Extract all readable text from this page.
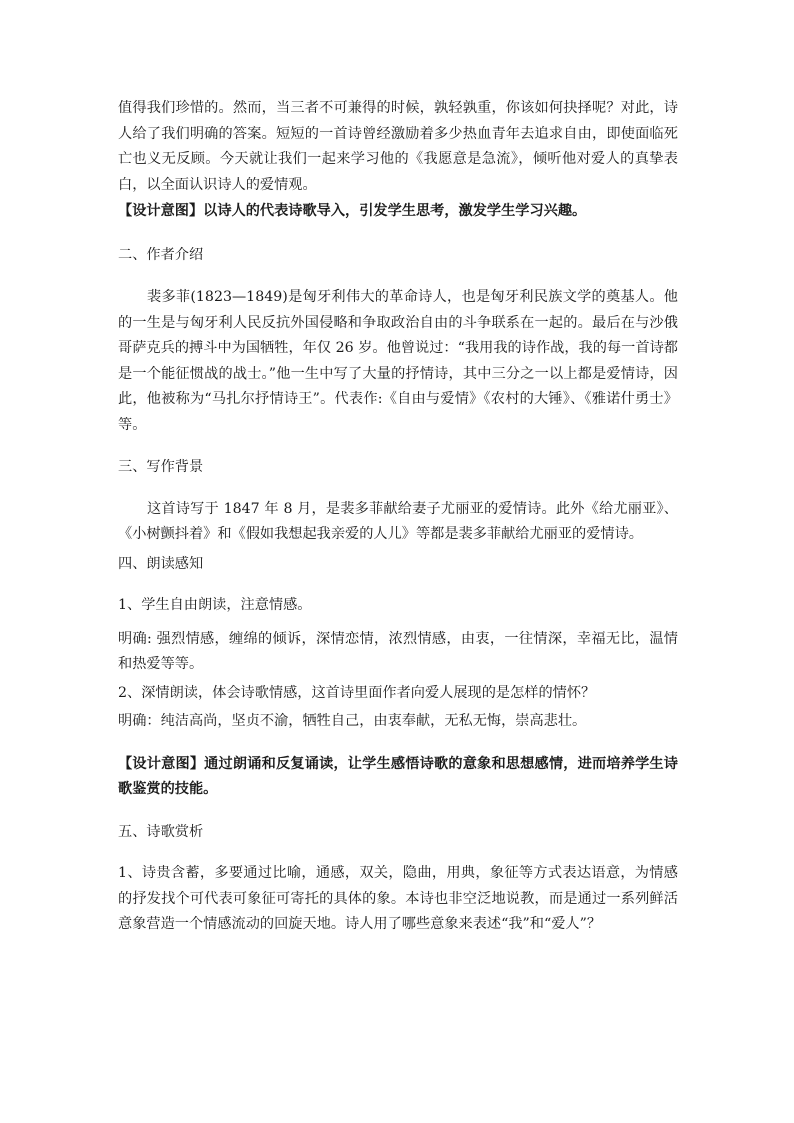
值得我们珍惜的。然而，当三者不可兼得的时候，孰轻孰重，你该如何抉择呢？对此，诗人给了我们明确的答案。短短的一首诗曾经激励着多少热血青年去追求自由，即使面临死亡也义无反顾。今天就让我们一起来学习他的《我愿意是急流》，倾听他对爱人的真挚表白，以全面认识诗人的爱情观。

【设计意图】以诗人的代表诗歌导入，引发学生思考，激发学生学习兴趣。

二、作者介绍

裴多菲(1823—1849)是匈牙利伟大的革命诗人，也是匈牙利民族文学的奠基人。他的一生是与匈牙利人民反抗外国侵略和争取政治自由的斗争联系在一起的。最后在与沙俄哥萨克兵的搏斗中为国牺牲，年仅 26 岁。他曾说过：“我用我的诗作战，我的每一首诗都是一个能征惯战的战士。”他一生中写了大量的抒情诗，其中三分之一以上都是爱情诗，因此，他被称为“马扎尔抒情诗王”。代表作:《自由与爱情》《农村的大锤》、《雅诺什勇士》等。

三、写作背景

这首诗写于 1847 年 8 月，是裴多菲献给妻子尤丽亚的爱情诗。此外《给尤丽亚》、《小树颤抖着》和《假如我想起我亲爱的人儿》等都是裴多菲献给尤丽亚的爱情诗。

四、朗读感知

1、学生自由朗读，注意情感。

明确: 强烈情感，缠绵的倾诉，深情恋情，浓烈情感，由衷，一往情深，幸福无比，温情和热爱等等。

2、深情朗读，体会诗歌情感，这首诗里面作者向爱人展现的是怎样的情怀？

明确：纯洁高尚，坚贞不渝，牺牲自己，由衷奉献，无私无悔，崇高悲壮。

【设计意图】通过朗诵和反复诵读，让学生感悟诗歌的意象和思想感情，进而培养学生诗歌鉴赏的技能。

五、诗歌赏析

1、诗贵含蓄，多要通过比喻，通感，双关，隐曲，用典，象征等方式表达语意，为情感的抒发找个可代表可象征可寄托的具体的象。本诗也非空泛地说教，而是通过一系列鲜活意象营造一个情感流动的回旋天地。诗人用了哪些意象来表述“我”和“爱人”？
